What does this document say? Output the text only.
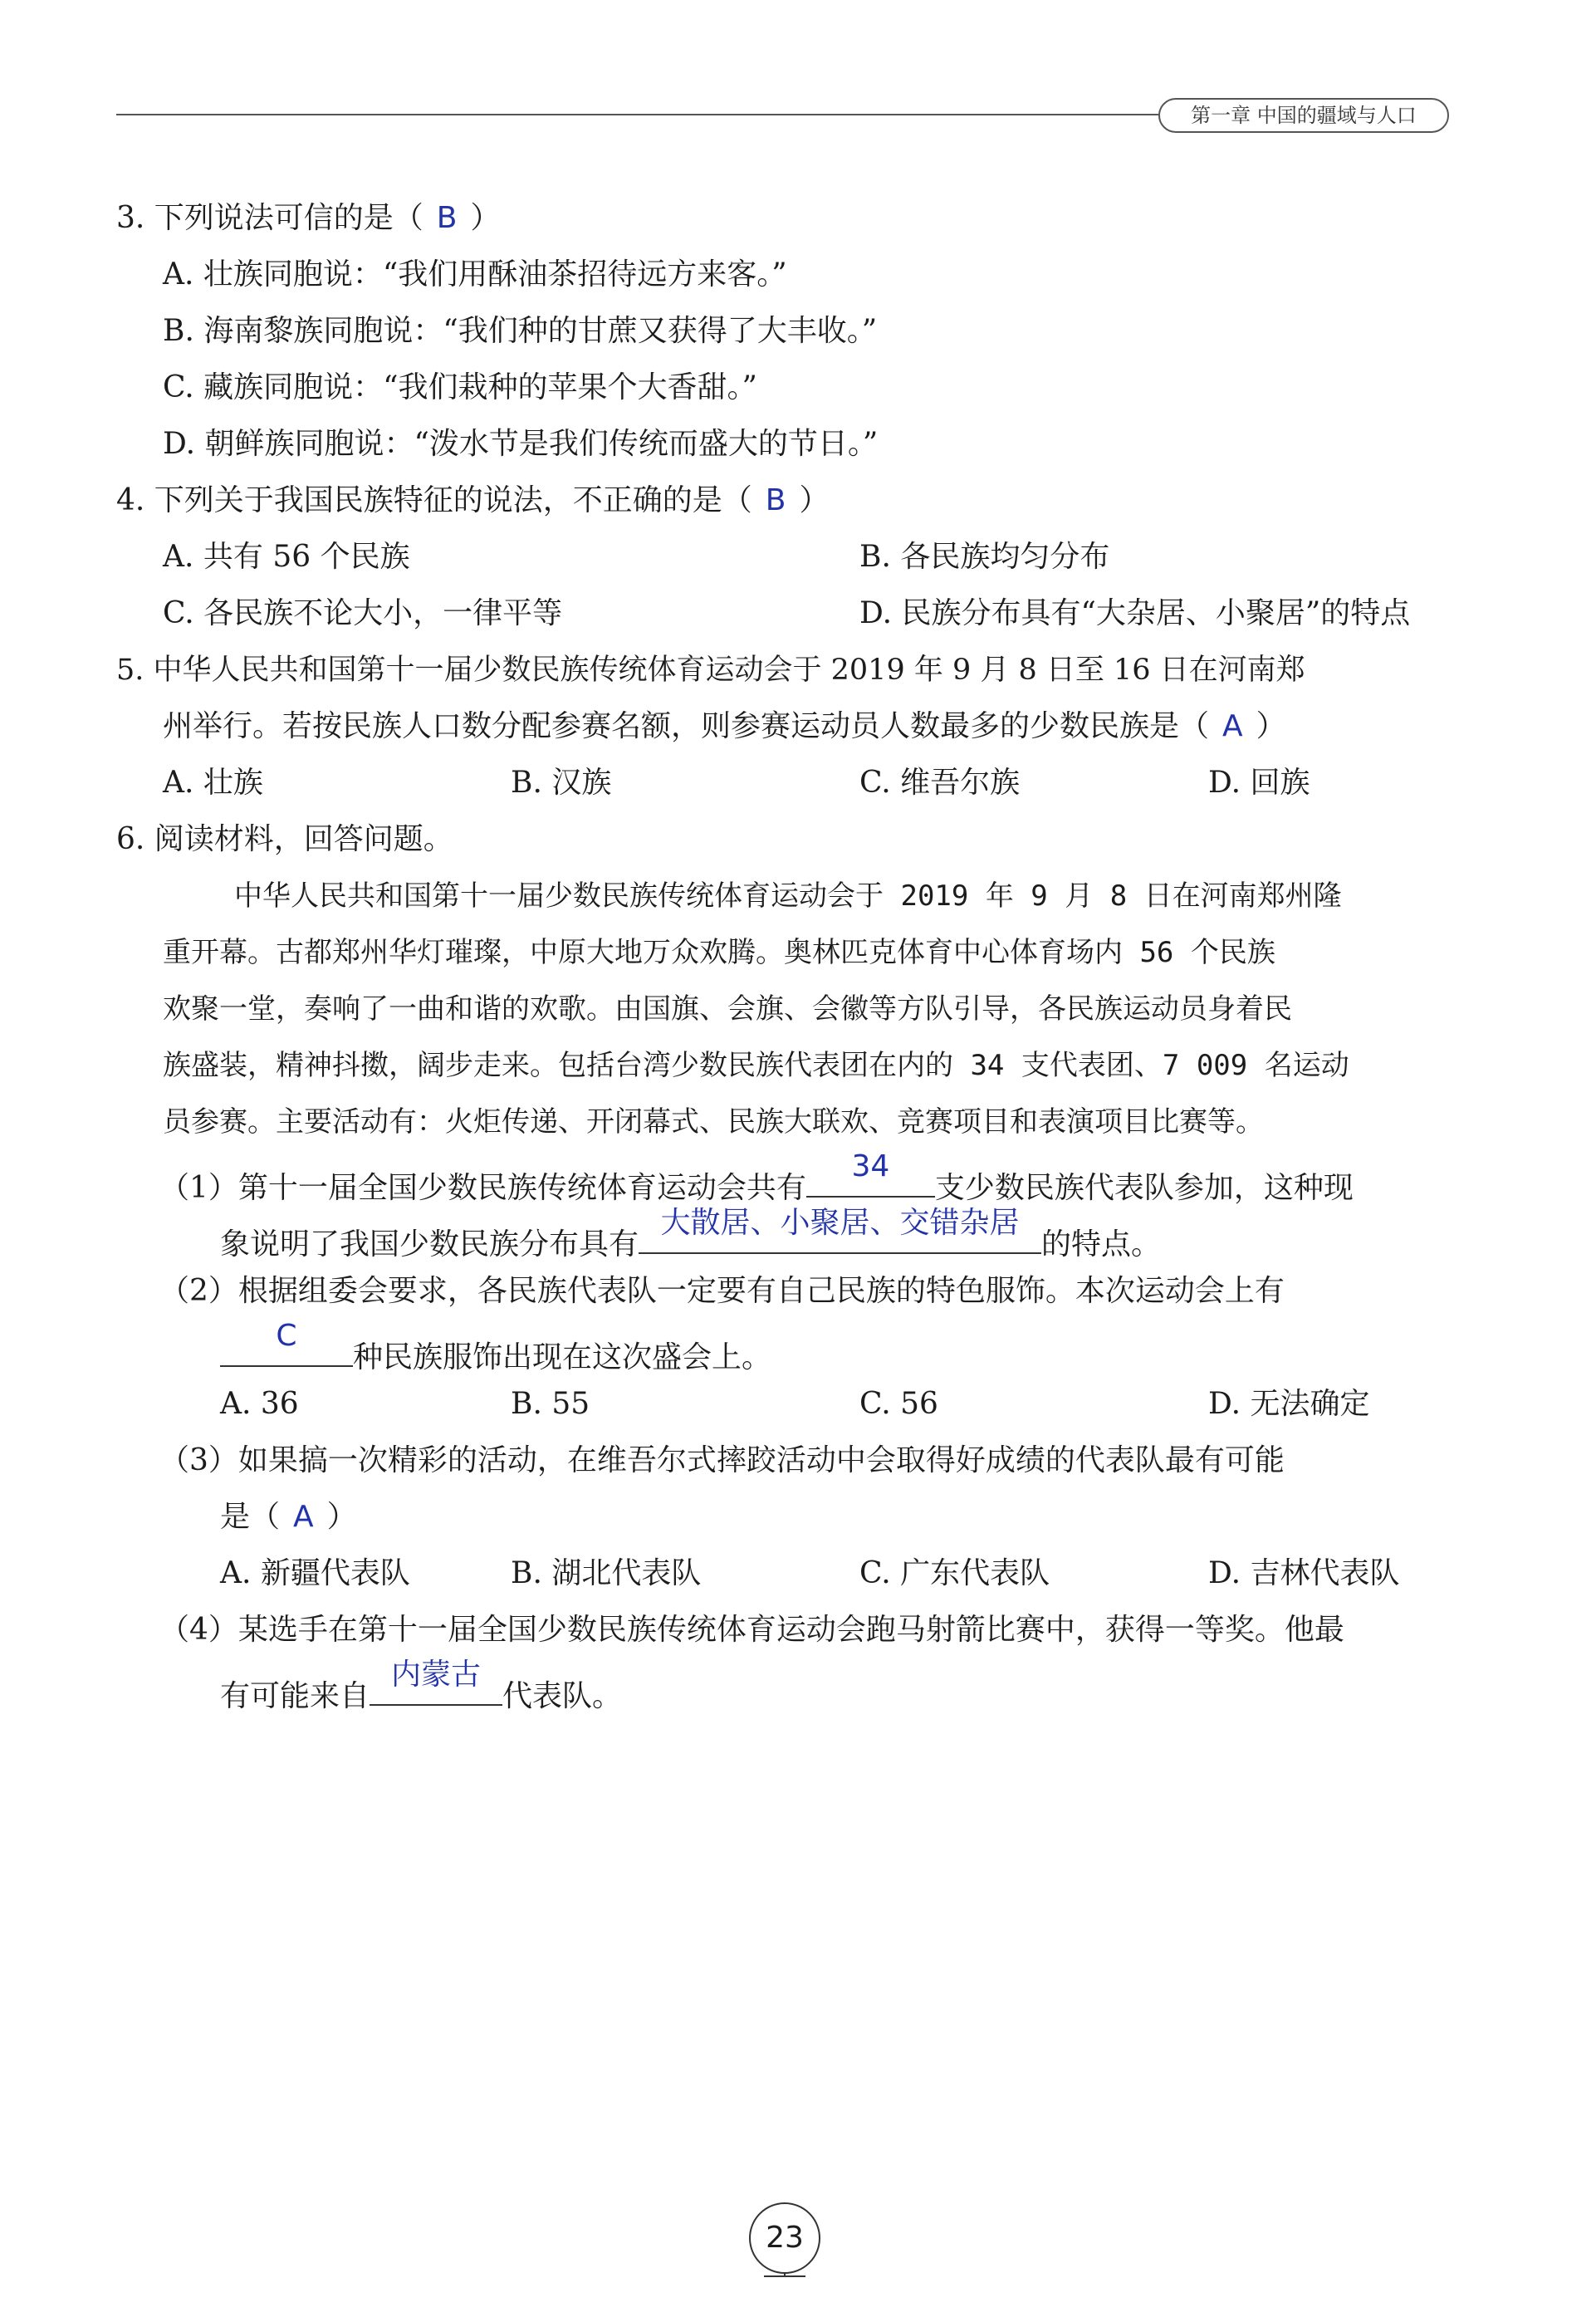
第一章 中国的疆域与人口
3. 下列说法可信的是（ B ）
A. 壮族同胞说：“我们用酥油茶招待远方来客。”
B. 海南黎族同胞说：“我们种的甘蔗又获得了大丰收。”
C. 藏族同胞说：“我们栽种的苹果个大香甜。”
D. 朝鲜族同胞说：“泼水节是我们传统而盛大的节日。”
4. 下列关于我国民族特征的说法，不正确的是（ B ）
A. 共有 56 个民族	B. 各民族均匀分布
C. 各民族不论大小，一律平等	D. 民族分布具有“大杂居、小聚居”的特点
5. 中华人民共和国第十一届少数民族传统体育运动会于 2019 年 9 月 8 日至 16 日在河南郑
州举行。若按民族人口数分配参赛名额，则参赛运动员人数最多的少数民族是（ A ）
A. 壮族	B. 汉族	C. 维吾尔族	D. 回族
6. 阅读材料，回答问题。
中华人民共和国第十一届少数民族传统体育运动会于 2019 年 9 月 8 日在河南郑州隆
重开幕。古都郑州华灯璀璨，中原大地万众欢腾。奥林匹克体育中心体育场内 56 个民族
欢聚一堂，奏响了一曲和谐的欢歌。由国旗、会旗、会徽等方队引导，各民族运动员身着民
族盛装，精神抖擞，阔步走来。包括台湾少数民族代表团在内的 34 支代表团、7 009 名运动
员参赛。主要活动有：火炬传递、开闭幕式、民族大联欢、竞赛项目和表演项目比赛等。
（1）第十一届全国少数民族传统体育运动会共有
34
支少数民族代表队参加，这种现
象说明了我国少数民族分布具有
大散居、小聚居、交错杂居
的特点。
（2）根据组委会要求，各民族代表队一定要有自己民族的特色服饰。本次运动会上有
C
种民族服饰出现在这次盛会上。
A. 36	B. 55	C. 56	D. 无法确定
（3）如果搞一次精彩的活动，在维吾尔式摔跤活动中会取得好成绩的代表队最有可能
是（ A ）
A. 新疆代表队	B. 湖北代表队	C. 广东代表队	D. 吉林代表队
（4）某选手在第十一届全国少数民族传统体育运动会跑马射箭比赛中，获得一等奖。他最
有可能来自
内蒙古
代表队。
23
